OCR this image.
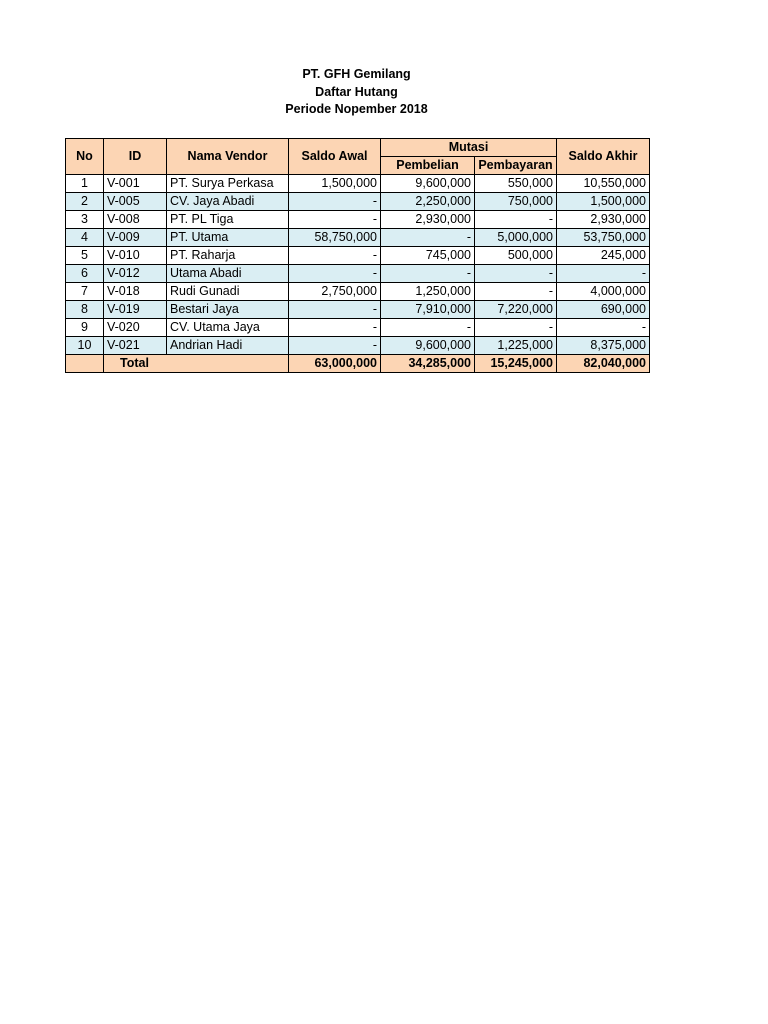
PT. GFH Gemilang
Daftar Hutang
Periode Nopember 2018
No	ID	Nama Vendor	Saldo Awal	Mutasi		Saldo Akhir
				Pembelian	Pembayaran	
1	V-001	PT. Surya Perkasa	1,500,000	9,600,000	550,000	10,550,000
2	V-005	CV. Jaya Abadi	-	2,250,000	750,000	1,500,000
3	V-008	PT. PL Tiga	-	2,930,000	-	2,930,000
4	V-009	PT. Utama	58,750,000	-	5,000,000	53,750,000
5	V-010	PT. Raharja	-	745,000	500,000	245,000
6	V-012	Utama Abadi	-	-	-	-
7	V-018	Rudi Gunadi	2,750,000	1,250,000	-	4,000,000
8	V-019	Bestari Jaya	-	7,910,000	7,220,000	690,000
9	V-020	CV. Utama Jaya	-	-	-	-
10	V-021	Andrian Hadi	-	9,600,000	1,225,000	8,375,000
	Total		63,000,000	34,285,000	15,245,000	82,040,000
